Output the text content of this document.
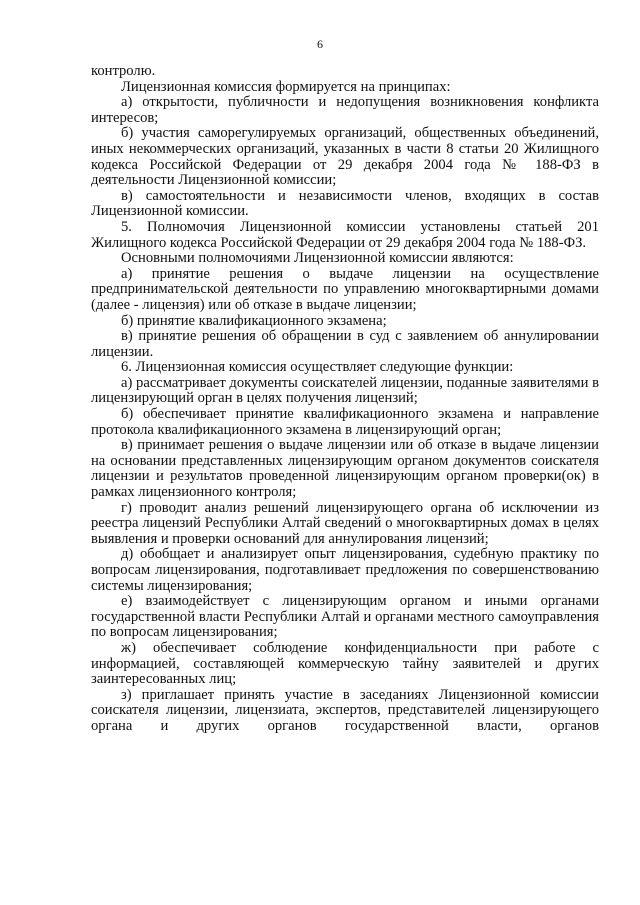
6

контролю.

Лицензионная комиссия формируется на принципах:

а) открытости, публичности и недопущения возникновения конфликта интересов;

б) участия саморегулируемых организаций, общественных объединений, иных некоммерческих организаций, указанных в части 8 статьи 20 Жилищного кодекса Российской Федерации от 29 декабря 2004 года № 188-ФЗ в деятельности Лицензионной комиссии;

в) самостоятельности и независимости членов, входящих в состав Лицензионной комиссии.

5. Полномочия Лицензионной комиссии установлены статьей 201 Жилищного кодекса Российской Федерации от 29 декабря 2004 года № 188-ФЗ.

Основными полномочиями Лицензионной комиссии являются:

а) принятие решения о выдаче лицензии на осуществление предпринимательской деятельности по управлению многоквартирными домами (далее - лицензия) или об отказе в выдаче лицензии;

б) принятие квалификационного экзамена;

в) принятие решения об обращении в суд с заявлением об аннулировании лицензии.

6. Лицензионная комиссия осуществляет следующие функции:

а) рассматривает документы соискателей лицензии, поданные заявителями в лицензирующий орган в целях получения лицензий;

б) обеспечивает принятие квалификационного экзамена и направление протокола квалификационного экзамена в лицензирующий орган;

в) принимает решения о выдаче лицензии или об отказе в выдаче лицензии на основании представленных лицензирующим органом документов соискателя лицензии и результатов проведенной лицензирующим органом проверки(ок) в рамках лицензионного контроля;

г) проводит анализ решений лицензирующего органа об исключении из реестра лицензий Республики Алтай сведений о многоквартирных домах в целях выявления и проверки оснований для аннулирования лицензий;

д) обобщает и анализирует опыт лицензирования, судебную практику по вопросам лицензирования, подготавливает предложения по совершенствованию системы лицензирования;

е) взаимодействует с лицензирующим органом и иными органами государственной власти Республики Алтай и органами местного самоуправления по вопросам лицензирования;

ж) обеспечивает соблюдение конфиденциальности при работе с информацией, составляющей коммерческую тайну заявителей и других заинтересованных лиц;

з) приглашает принять участие в заседаниях Лицензионной комиссии соискателя лицензии, лицензиата, экспертов, представителей лицензирующего органа и других органов государственной власти, органов
